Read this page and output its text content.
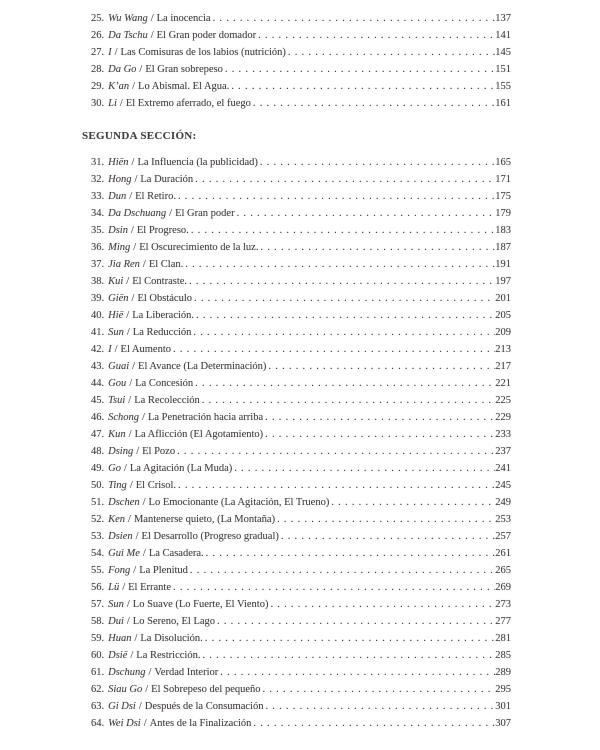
25. Wu Wang / La inocencia .....	137
26. Da Tschu / El Gran poder domador .....	141
27. I / Las Comisuras de los labios (nutrición) .....	145
28. Da Go / El Gran sobrepeso .....	151
29. K’an / Lo Abismal. El Agua. .....	155
30. Li / El Extremo aferrado, el fuego .....	161
SEGUNDA SECCIÓN:
31. Hiën / La Influencia (la publicidad) .....	165
32. Hong / La Duración .....	171
33. Dun / El Retiro. .....	175
34. Da Dschuang / El Gran poder .....	179
35. Dsin / El Progreso. .....	183
36. Ming / El Oscurecimiento de la luz. .....	187
37. Jia Ren / El Clan. .....	191
38. Kui / El Contraste. .....	197
39. Giën / El Obstáculo .....	201
40. Hië / La Liberación. .....	205
41. Sun / La Reducción .....	209
42. I / El Aumento .....	213
43. Guai / El Avance (La Determinación) .....	217
44. Gou / La Concesión .....	221
45. Tsui / La Recolección .....	225
46. Schong / La Penetración hacia arriba .....	229
47. Kun / La Aflicción (El Agotamiento) .....	233
48. Dsing / El Pozo .....	237
49. Go / La Agitación (La Muda) .....	241
50. Ting / El Crisol. .....	245
51. Dschen / Lo Emocionante (La Agitación, El Trueno) .....	249
52. Ken / Mantenerse quieto, (La Montaña) .....	253
53. Dsien / El Desarrollo (Progreso gradual) .....	257
54. Gui Me / La Casadera. .....	261
55. Fong / La Plenitud .....	265
56. Lü / El Errante .....	269
57. Sun / Lo Suave (Lo Fuerte, El Viento) .....	273
58. Dui / Lo Sereno, El Lago .....	277
59. Huan / La Disolución. .....	281
60. Dsië / La Restricción. .....	285
61. Dschung / Verdad Interior .....	289
62. Siau Go / El Sobrepeso del pequeño .....	295
63. Gi Dsi / Después de la Consumación .....	301
64. Wei Dsi / Antes de la Finalización .....	307
